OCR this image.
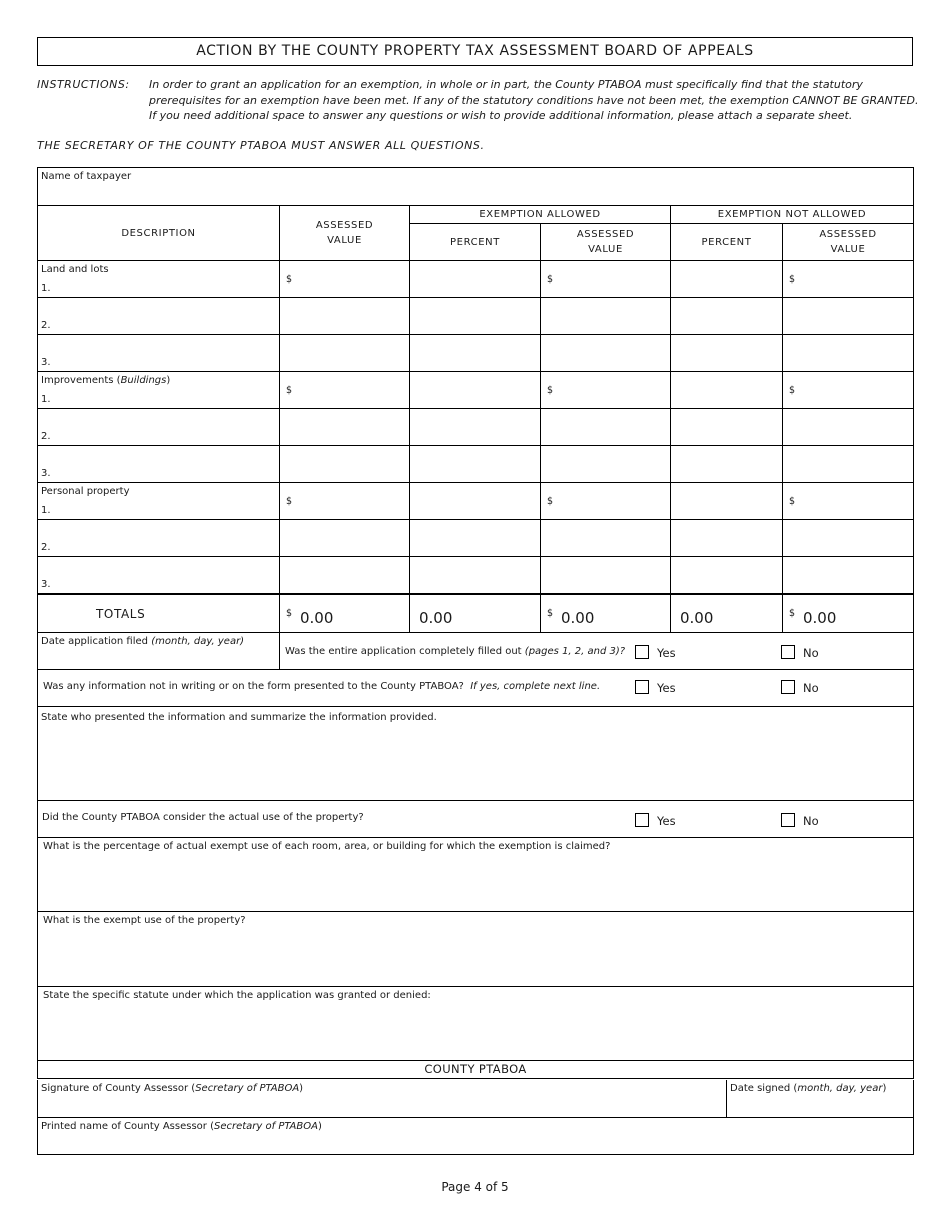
ACTION BY THE COUNTY PROPERTY TAX ASSESSMENT BOARD OF APPEALS
INSTRUCTIONS: In order to grant an application for an exemption, in whole or in part, the County PTABOA must specifically find that the statutory prerequisites for an exemption have been met. If any of the statutory conditions have not been met, the exemption CANNOT BE GRANTED. If you need additional space to answer any questions or wish to provide additional information, please attach a separate sheet.
THE SECRETARY OF THE COUNTY PTABOA MUST ANSWER ALL QUESTIONS.
Name of taxpayer					

DESCRIPTION	ASSESSED VALUE	EXEMPTION ALLOWED		EXEMPTION NOT ALLOWED	
		PERCENT	ASSESSED VALUE	PERCENT	ASSESSED VALUE

Land and lots
1.	$		$		$

2.					

3.					

Improvements (Buildings)
1.	$		$		$

2.					

3.					

Personal property
1.	$		$		$

2.					

3.					

TOTALS	$ 0.00	0.00	$ 0.00	0.00	$ 0.00

Date application filed (month, day, year)	Was the entire application completely filled out (pages 1, 2, and 3)? Yes No				

Was any information not in writing or on the form presented to the County PTABOA? If yes, complete next line. Yes No					

State who presented the information and summarize the information provided.					

Did the County PTABOA consider the actual use of the property? Yes No					

What is the percentage of actual exempt use of each room, area, or building for which the exemption is claimed?					

What is the exempt use of the property?					

State the specific statute under which the application was granted or denied:					

COUNTY PTABOA					
Signature of County Assessor (Secretary of PTABOA)	Date signed (month, day, year)

Printed name of County Assessor (Secretary of PTABOA)
Page 4 of 5
